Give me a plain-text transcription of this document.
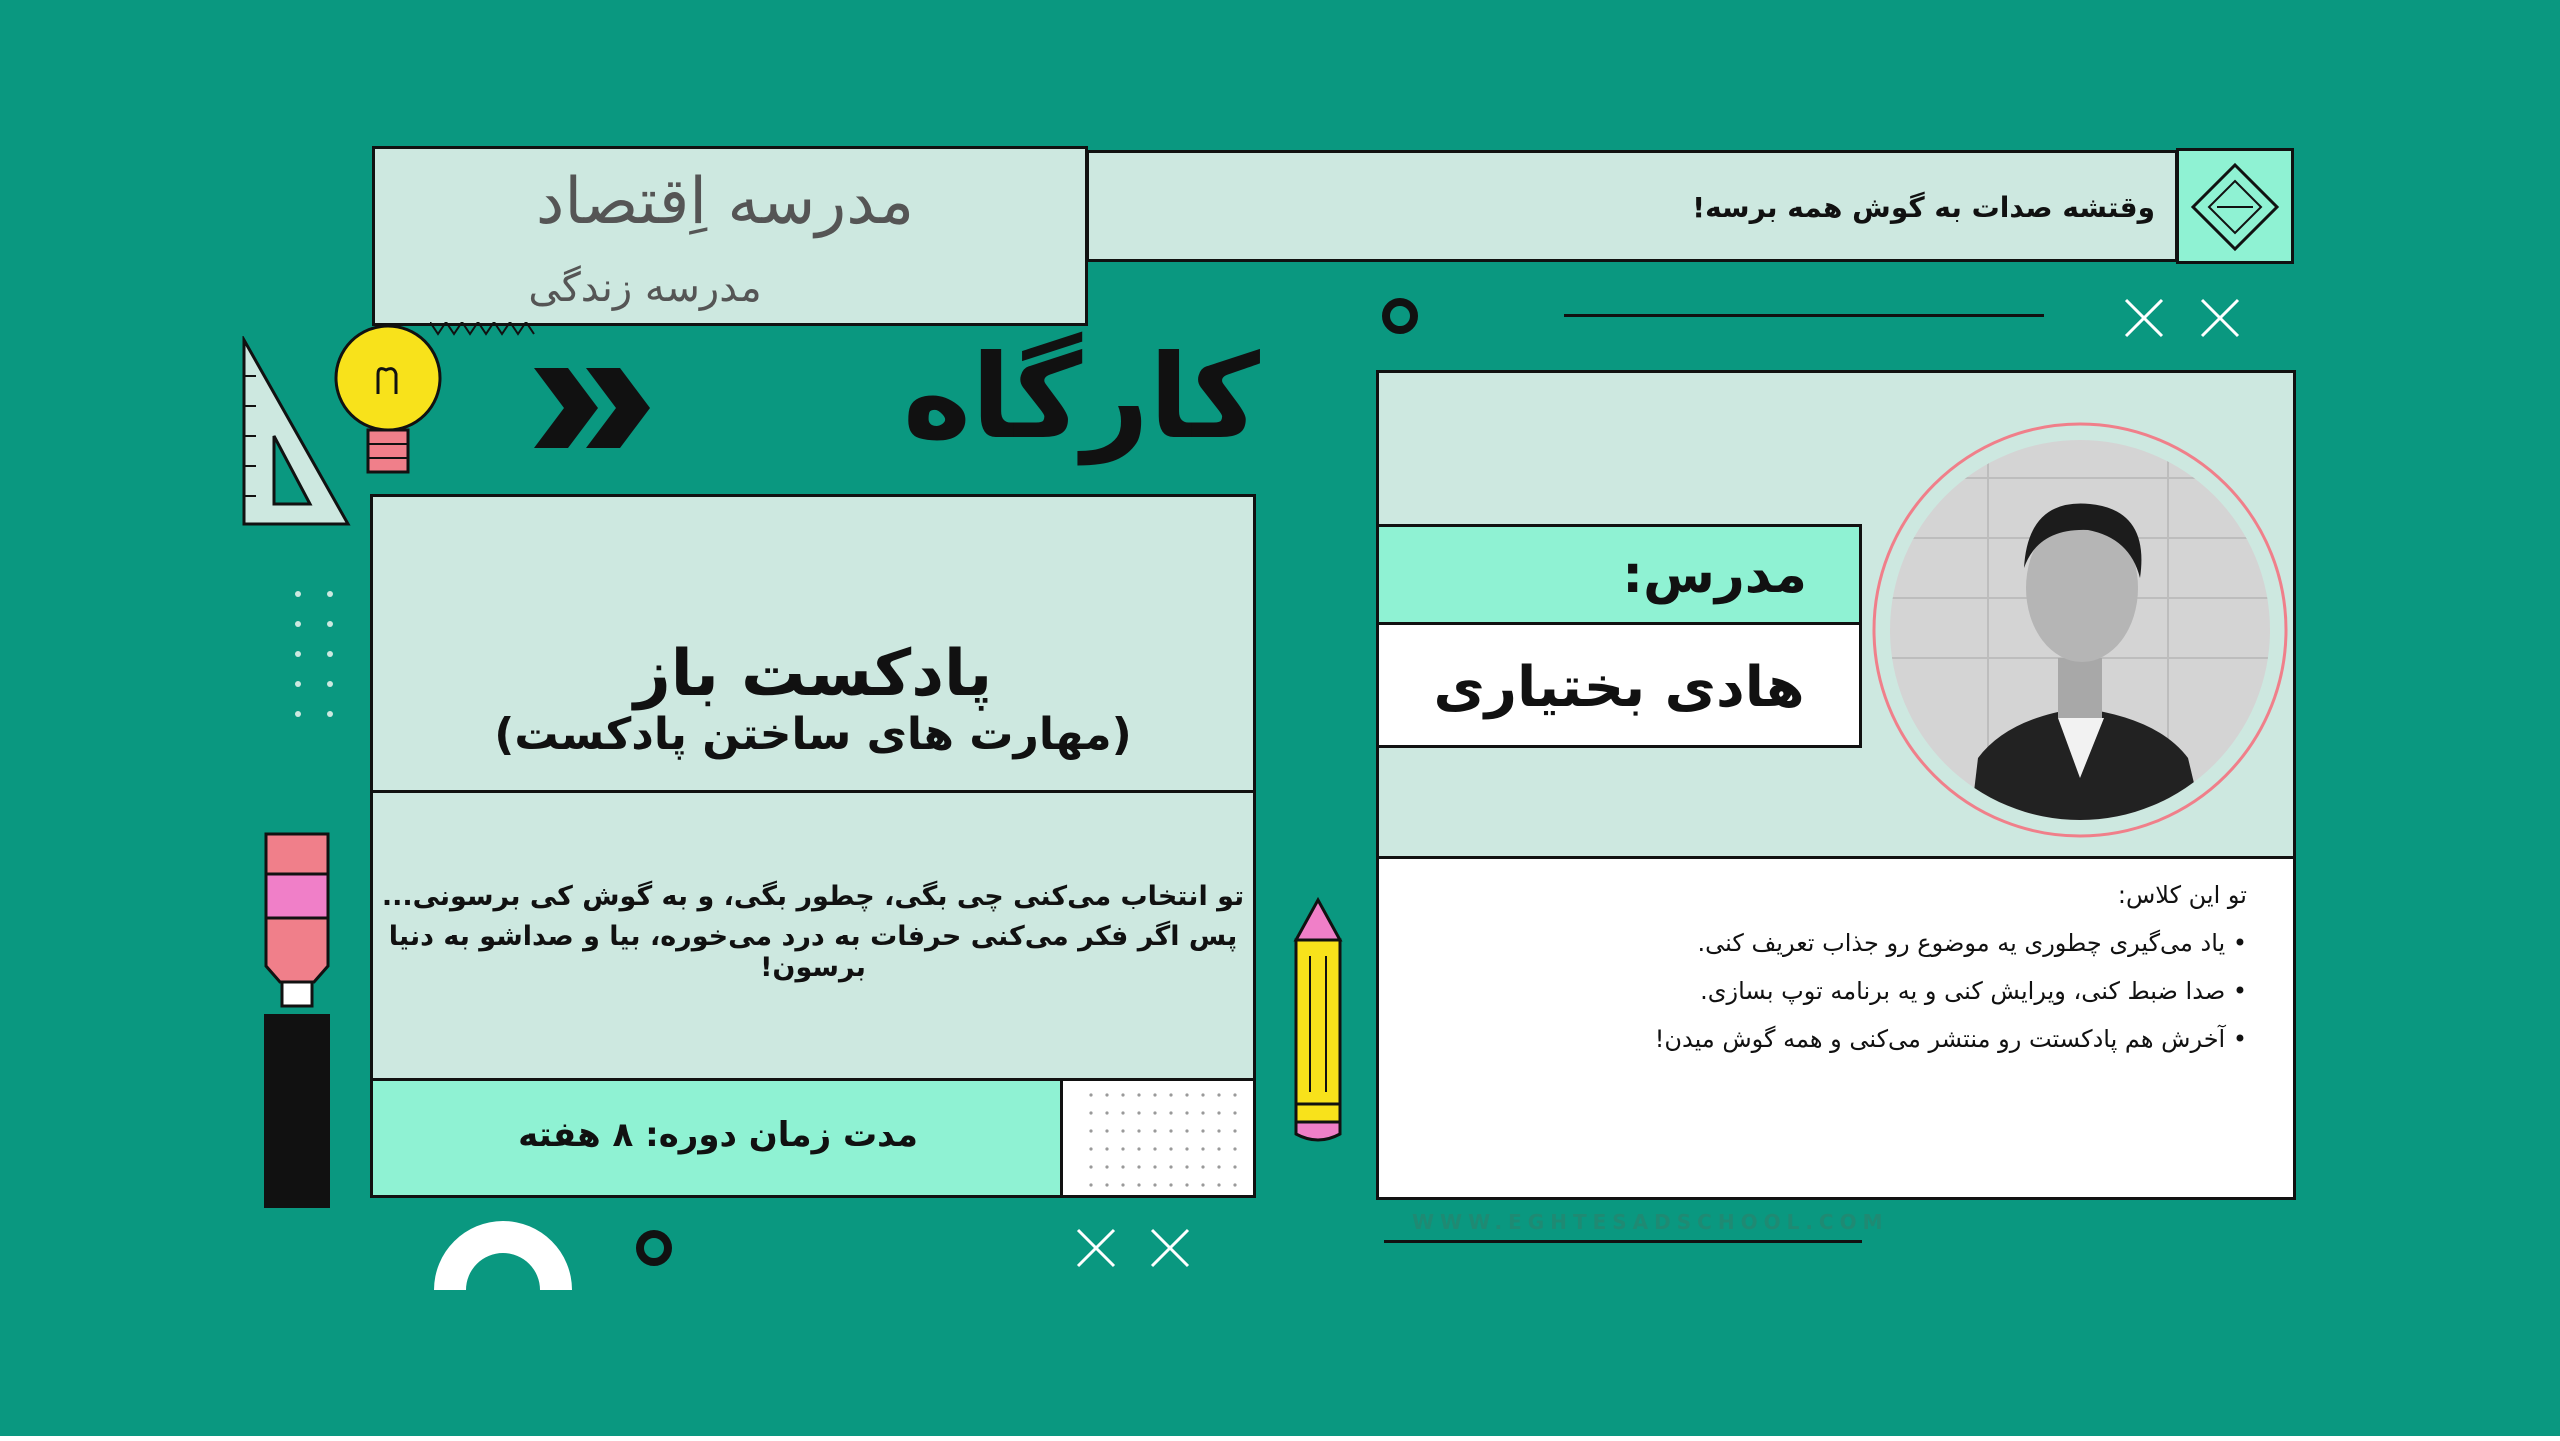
مدرسه اِقتصاد
مدرسه زندگی
وقتشه صدات به گوش همه برسه!
کارگاه
پادکست باز
(مهارت های ساختن پادکست)
تو انتخاب می‌کنی چی بگی، چطور بگی، و به گوش کی برسونی...
پس اگر فکر می‌کنی حرفات به درد می‌خوره، بیا و صداشو به دنیا برسون!
مدت زمان دوره: ۸ هفته
مدرس:
هادی بختیاری
تو این کلاس:
• یاد می‌گیری چطوری یه موضوع رو جذاب تعریف کنی.
• صدا ضبط کنی، ویرایش کنی و یه برنامه توپ بسازی.
• آخرش هم پادکستت رو منتشر می‌کنی و همه گوش میدن!
WWW.EGHTESADSCHOOL.COM
